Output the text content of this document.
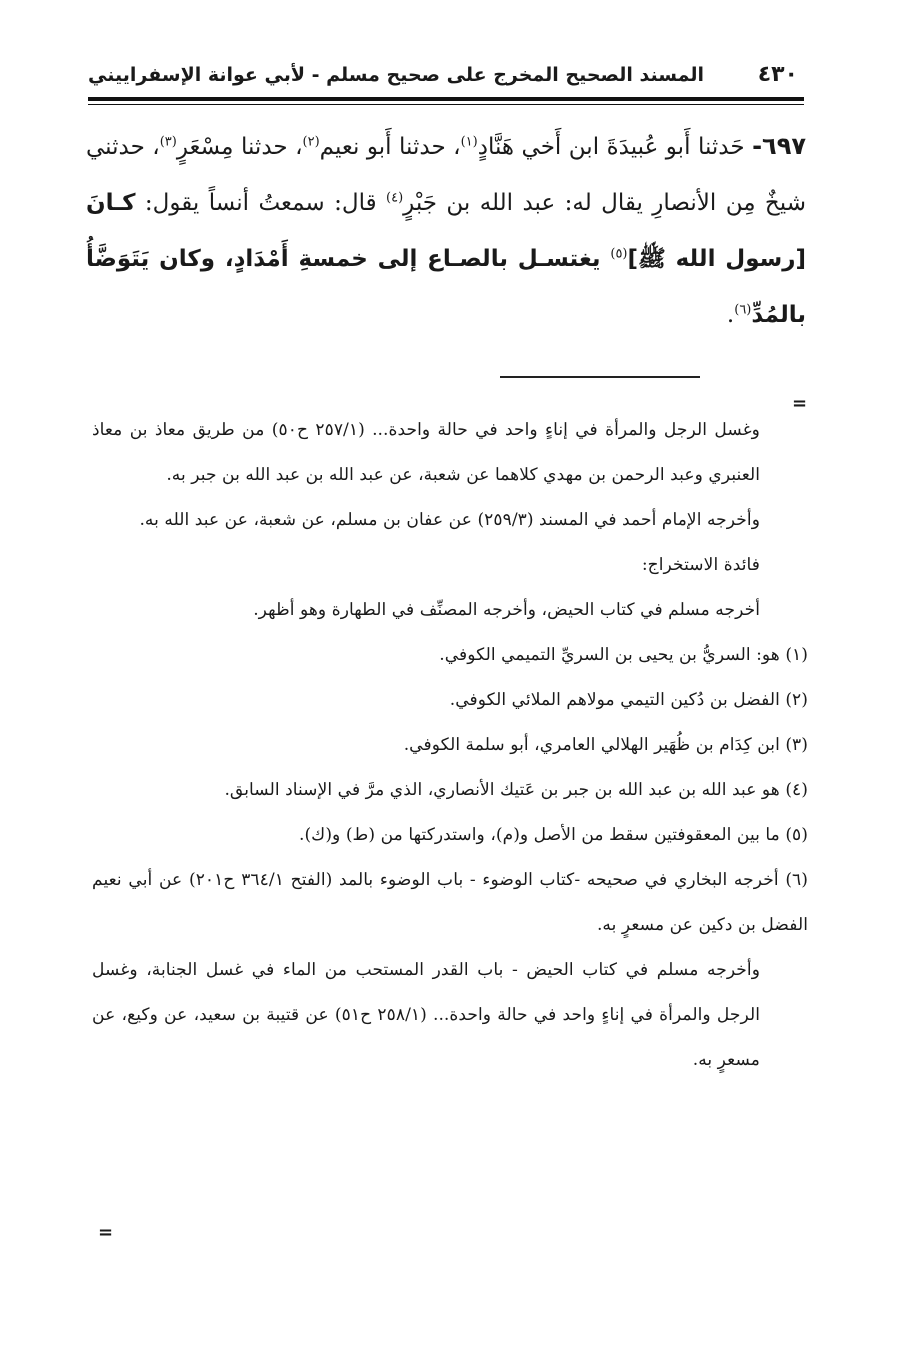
المسند الصحيح المخرج على صحيح مسلم - لأبي عوانة الإسفراييني ٤٣٠

٦٩٧- حَدثنا أَبو عُبيدَةَ ابن أَخي هَنَّادٍ$^{(١)}$، حدثنا أَبو نعيم$^{(٢)}$، حدثنا مِسْعَرٍ$^{(٣)}$، حدثني شيخٌ مِن الأنصارِ يقال له: عبد الله بن جَبْرٍ$^{(٤)}$ قال: سمعتُ أنساً يقول: كـانَ [رسول الله ﷺ]$^{(٥)}$ يغتسـل بالصـاع إلى خمسةِ أَمْدَادٍ، وكان يَتَوَضَّأُ بالمُدِّ$^{(٦)}$.

=

وغسل الرجل والمرأة في إناءٍ واحد في حالة واحدة... (٢٥٧/١ ح٥٠) من طريق معاذ بن معاذ العنبري وعبد الرحمن بن مهدي كلاهما عن شعبة، عن عبد الله بن عبد الله بن جبر به.

وأخرجه الإمام أحمد في المسند (٢٥٩/٣) عن عفان بن مسلم، عن شعبة، عن عبد الله به.

فائدة الاستخراج:

أخرجه مسلم في كتاب الحيض، وأخرجه المصنِّف في الطهارة وهو أظهر.

(١) هو: السريُّ بن يحيى بن السريِّ التميمي الكوفي.

(٢) الفضل بن دُكين التيمي مولاهم الملائي الكوفي.

(٣) ابن كِدَام بن ظُهَير الهلالي العامري، أبو سلمة الكوفي.

(٤) هو عبد الله بن عبد الله بن جبر بن عَتيك الأنصاري، الذي مرَّ في الإسناد السابق.

(٥) ما بين المعقوفتين سقط من الأصل و(م)، واستدركتها من (ط) و(ك).

(٦) أخرجه البخاري في صحيحه -كتاب الوضوء - باب الوضوء بالمد (الفتح ٣٦٤/١ ح٢٠١) عن أبي نعيم الفضل بن دكين عن مسعرٍ به.

وأخرجه مسلم في كتاب الحيض - باب القدر المستحب من الماء في غسل الجنابة، وغسل الرجل والمرأة في إناءٍ واحد في حالة واحدة... (٢٥٨/١ ح٥١) عن قتيبة بن سعيد، عن وكيع، عن مسعرٍ به.

=
